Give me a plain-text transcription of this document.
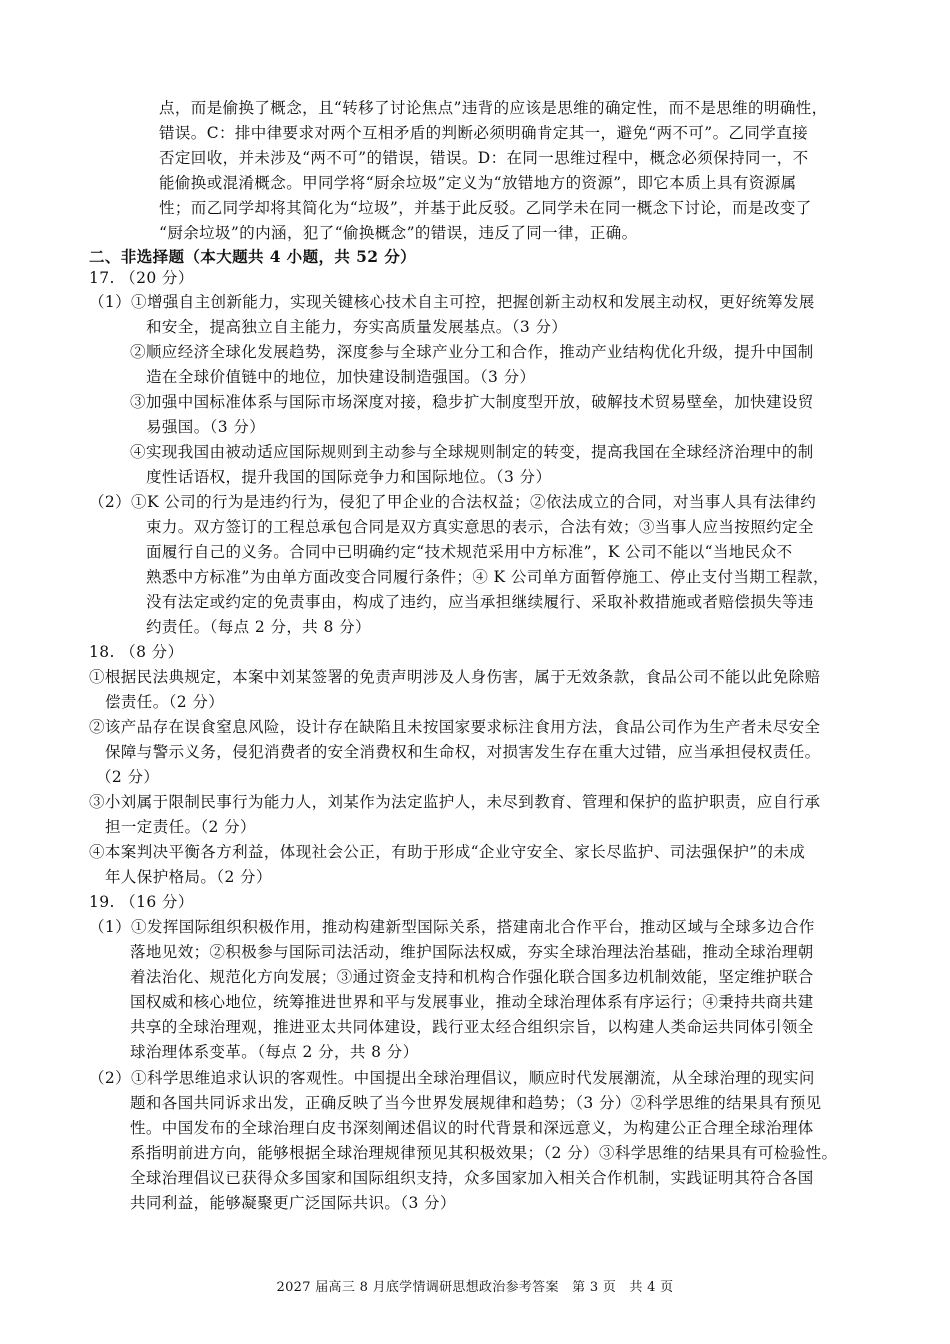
点，而是偷换了概念，且“转移了讨论焦点”违背的应该是思维的确定性，而不是思维的明确性，
错误。C：排中律要求对两个互相矛盾的判断必须明确肯定其一，避免“两不可”。乙同学直接
否定回收，并未涉及“两不可”的错误，错误。D：在同一思维过程中，概念必须保持同一，不
能偷换或混淆概念。甲同学将“厨余垃圾”定义为“放错地方的资源”，即它本质上具有资源属
性；而乙同学却将其简化为“垃圾”，并基于此反驳。乙同学未在同一概念下讨论，而是改变了
“厨余垃圾”的内涵，犯了“偷换概念”的错误，违反了同一律，正确。
二、非选择题（本大题共 4 小题，共 52 分）
17. （20 分）
（1）①增强自主创新能力，实现关键核心技术自主可控，把握创新主动权和发展主动权，更好统筹发展
和安全，提高独立自主能力，夯实高质量发展基点。（3 分）
②顺应经济全球化发展趋势，深度参与全球产业分工和合作，推动产业结构优化升级，提升中国制
造在全球价值链中的地位，加快建设制造强国。（3 分）
③加强中国标准体系与国际市场深度对接，稳步扩大制度型开放，破解技术贸易壁垒，加快建设贸
易强国。（3 分）
④实现我国由被动适应国际规则到主动参与全球规则制定的转变，提高我国在全球经济治理中的制
度性话语权，提升我国的国际竞争力和国际地位。（3 分）
（2）①K 公司的行为是违约行为，侵犯了甲企业的合法权益；②依法成立的合同，对当事人具有法律约
束力。双方签订的工程总承包合同是双方真实意思的表示，合法有效；③当事人应当按照约定全
面履行自己的义务。合同中已明确约定“技术规范采用中方标准”，K 公司不能以“当地民众不
熟悉中方标准”为由单方面改变合同履行条件；④ K 公司单方面暂停施工、停止支付当期工程款，
没有法定或约定的免责事由，构成了违约，应当承担继续履行、采取补救措施或者赔偿损失等违
约责任。（每点 2 分，共 8 分）
18. （8 分）
①根据民法典规定，本案中刘某签署的免责声明涉及人身伤害，属于无效条款，食品公司不能以此免除赔
偿责任。（2 分）
②该产品存在误食窒息风险，设计存在缺陷且未按国家要求标注食用方法，食品公司作为生产者未尽安全
保障与警示义务，侵犯消费者的安全消费权和生命权，对损害发生存在重大过错，应当承担侵权责任。
（2 分）
③小刘属于限制民事行为能力人，刘某作为法定监护人，未尽到教育、管理和保护的监护职责，应自行承
担一定责任。（2 分）
④本案判决平衡各方利益，体现社会公正，有助于形成“企业守安全、家长尽监护、司法强保护”的未成
年人保护格局。（2 分）
19. （16 分）
（1）①发挥国际组织积极作用，推动构建新型国际关系，搭建南北合作平台，推动区域与全球多边合作
落地见效；②积极参与国际司法活动，维护国际法权威，夯实全球治理法治基础，推动全球治理朝
着法治化、规范化方向发展；③通过资金支持和机构合作强化联合国多边机制效能，坚定维护联合
国权威和核心地位，统筹推进世界和平与发展事业，推动全球治理体系有序运行；④秉持共商共建
共享的全球治理观，推进亚太共同体建设，践行亚太经合组织宗旨，以构建人类命运共同体引领全
球治理体系变革。（每点 2 分，共 8 分）
（2）①科学思维追求认识的客观性。中国提出全球治理倡议，顺应时代发展潮流，从全球治理的现实问
题和各国共同诉求出发，正确反映了当今世界发展规律和趋势；（3 分）②科学思维的结果具有预见
性。中国发布的全球治理白皮书深刻阐述倡议的时代背景和深远意义，为构建公正合理全球治理体
系指明前进方向，能够根据全球治理规律预见其积极效果；（2 分）③科学思维的结果具有可检验性。
全球治理倡议已获得众多国家和国际组织支持，众多国家加入相关合作机制，实践证明其符合各国
共同利益，能够凝聚更广泛国际共识。（3 分）
2027 届高三 8 月底学情调研思想政治参考答案　第 3 页　共 4 页
